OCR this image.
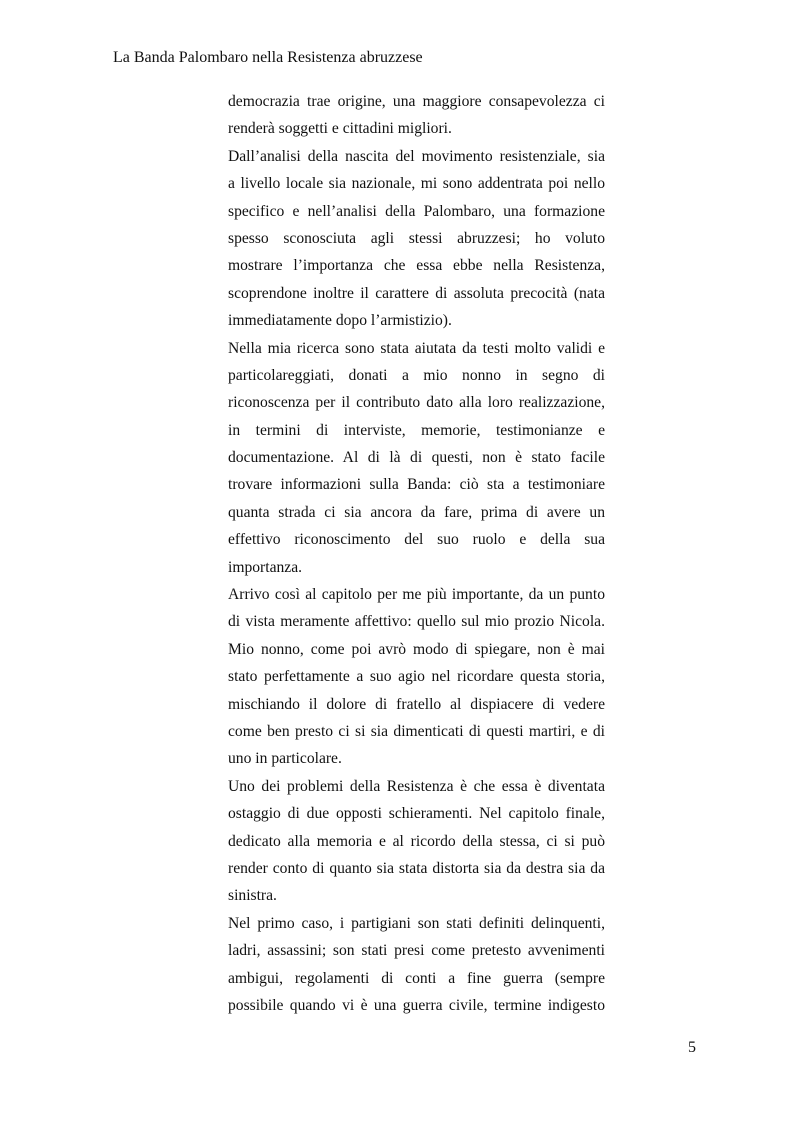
La Banda Palombaro nella Resistenza abruzzese
democrazia trae origine, una maggiore consapevolezza ci
renderà soggetti e cittadini migliori.
Dall’analisi della nascita del movimento resistenziale, sia
a livello locale sia nazionale, mi sono addentrata poi nello
specifico e nell’analisi della Palombaro, una formazione
spesso sconosciuta agli stessi abruzzesi; ho voluto
mostrare l’importanza che essa ebbe nella Resistenza,
scoprendone inoltre il carattere di assoluta precocità (nata
immediatamente dopo l’armistizio).
Nella mia ricerca sono stata aiutata da testi molto validi e
particolareggiati, donati a mio nonno in segno di
riconoscenza per il contributo dato alla loro realizzazione,
in termini di interviste, memorie, testimonianze e
documentazione. Al di là di questi, non è stato facile
trovare informazioni sulla Banda: ciò sta a testimoniare
quanta strada ci sia ancora da fare, prima di avere un
effettivo riconoscimento del suo ruolo e della sua
importanza.
Arrivo così al capitolo per me più importante, da un punto
di vista meramente affettivo: quello sul mio prozio Nicola.
Mio nonno, come poi avrò modo di spiegare, non è mai
stato perfettamente a suo agio nel ricordare questa storia,
mischiando il dolore di fratello al dispiacere di vedere
come ben presto ci si sia dimenticati di questi martiri, e di
uno in particolare.
Uno dei problemi della Resistenza è che essa è diventata
ostaggio di due opposti schieramenti. Nel capitolo finale,
dedicato alla memoria e al ricordo della stessa, ci si può
render conto di quanto sia stata distorta sia da destra sia da
sinistra.
Nel primo caso, i partigiani son stati definiti delinquenti,
ladri, assassini; son stati presi come pretesto avvenimenti
ambigui, regolamenti di conti a fine guerra (sempre
possibile quando vi è una guerra civile, termine indigesto
5
